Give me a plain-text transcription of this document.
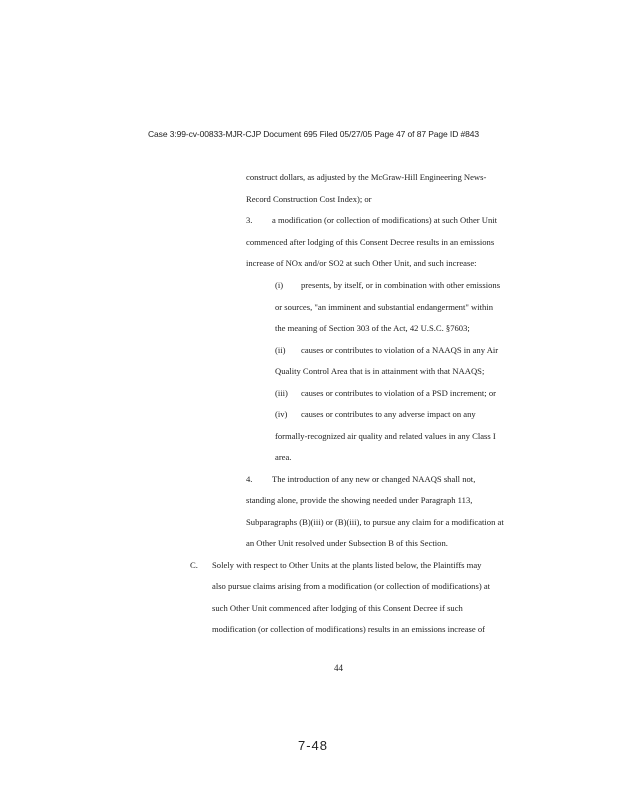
Case 3:99-cv-00833-MJR-CJP Document 695 Filed 05/27/05 Page 47 of 87 Page ID #843
construct dollars, as adjusted by the McGraw-Hill Engineering News-
Record Construction Cost Index); or
3. a modification (or collection of modifications) at such Other Unit
commenced after lodging of this Consent Decree results in an emissions
increase of NOx and/or SO2 at such Other Unit, and such increase:
(i) presents, by itself, or in combination with other emissions
or sources, "an imminent and substantial endangerment" within
the meaning of Section 303 of the Act, 42 U.S.C. §7603;
(ii) causes or contributes to violation of a NAAQS in any Air
Quality Control Area that is in attainment with that NAAQS;
(iii) causes or contributes to violation of a PSD increment; or
(iv) causes or contributes to any adverse impact on any
formally-recognized air quality and related values in any Class I
area.
4. The introduction of any new or changed NAAQS shall not,
standing alone, provide the showing needed under Paragraph 113,
Subparagraphs (B)(iii) or (B)(iii), to pursue any claim for a modification at
an Other Unit resolved under Subsection B of this Section.
C. Solely with respect to Other Units at the plants listed below, the Plaintiffs may
also pursue claims arising from a modification (or collection of modifications) at
such Other Unit commenced after lodging of this Consent Decree if such
modification (or collection of modifications) results in an emissions increase of
44
7-48
